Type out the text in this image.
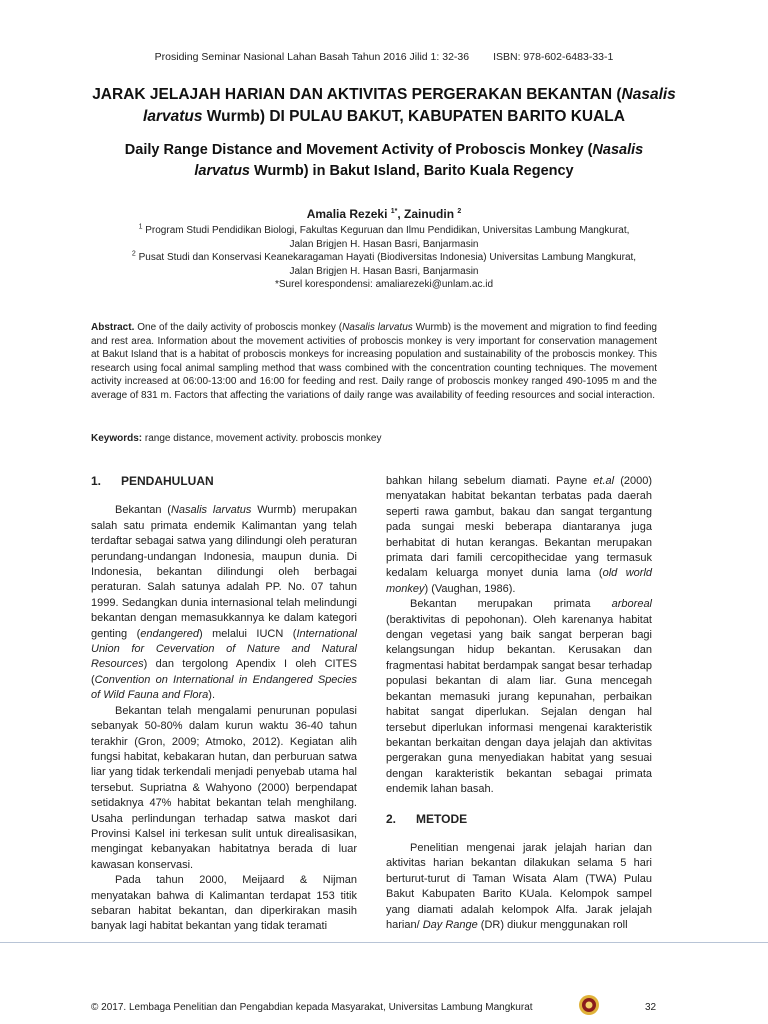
Prosiding Seminar Nasional Lahan Basah Tahun 2016 Jilid 1: 32-36 ISBN: 978-602-6483-33-1
JARAK JELAJAH HARIAN DAN AKTIVITAS PERGERAKAN BEKANTAN (Nasalis
larvatus Wurmb) DI PULAU BAKUT, KABUPATEN BARITO KUALA
Daily Range Distance and Movement Activity of Proboscis Monkey (Nasalis
larvatus Wurmb) in Bakut Island, Barito Kuala Regency
Amalia Rezeki $^{1*}$, Zainudin $^2$
$^1$ Program Studi Pendidikan Biologi, Fakultas Keguruan dan Ilmu Pendidikan, Universitas Lambung Mangkurat,
Jalan Brigjen H. Hasan Basri, Banjarmasin
$^2$ Pusat Studi dan Konservasi Keanekaragaman Hayati (Biodiversitas Indonesia) Universitas Lambung Mangkurat,
Jalan Brigjen H. Hasan Basri, Banjarmasin
*Surel korespondensi: amaliarezeki@unlam.ac.id
Abstract. One of the daily activity of proboscis monkey (Nasalis larvatus Wurmb) is the movement and migration to find feeding and rest area. Information about the movement activities of proboscis monkey is very important for conservation management at Bakut Island that is a habitat of proboscis monkeys for increasing population and sustainability of the proboscis monkey. This research using focal animal sampling method that wass combined with the concentration counting techniques. The movement activity increased at 06:00-13:00 and 16:00 for feeding and rest. Daily range of proboscis monkey ranged 490-1095 m and the average of 831 m. Factors that affecting the variations of daily range was availability of feeding resources and social interaction.
Keywords: range distance, movement activity. proboscis monkey
1. PENDAHULUAN

Bekantan (Nasalis larvatus Wurmb) merupakan salah satu primata endemik Kalimantan yang telah terdaftar sebagai satwa yang dilindungi oleh peraturan perundang-undangan Indonesia, maupun dunia. Di Indonesia, bekantan dilindungi oleh berbagai peraturan. Salah satunya adalah PP. No. 07 tahun 1999. Sedangkan dunia internasional telah melindungi bekantan dengan memasukkannya ke dalam kategori genting (endangered) melalui IUCN (International Union for Cevervation of Nature and Natural Resources) dan tergolong Apendix I oleh CITES (Convention on International in Endangered Species of Wild Fauna and Flora).

Bekantan telah mengalami penurunan populasi sebanyak 50-80% dalam kurun waktu 36-40 tahun terakhir (Gron, 2009; Atmoko, 2012). Kegiatan alih fungsi habitat, kebakaran hutan, dan perburuan satwa liar yang tidak terkendali menjadi penyebab utama hal tersebut. Supriatna & Wahyono (2000) berpendapat setidaknya 47% habitat bekantan telah menghilang. Usaha perlindungan terhadap satwa maskot dari Provinsi Kalsel ini terkesan sulit untuk direalisasikan, mengingat kebanyakan habitatnya berada di luar kawasan konservasi.

Pada tahun 2000, Meijaard & Nijman menyatakan bahwa di Kalimantan terdapat 153 titik sebaran habitat bekantan, dan diperkirakan masih banyak lagi habitat bekantan yang tidak teramati

bahkan hilang sebelum diamati. Payne et.al (2000) menyatakan habitat bekantan terbatas pada daerah seperti rawa gambut, bakau dan sangat tergantung pada sungai meski beberapa diantaranya juga berhabitat di hutan kerangas. Bekantan merupakan primata dari famili cercopithecidae yang termasuk kedalam keluarga monyet dunia lama (old world monkey) (Vaughan, 1986).

Bekantan merupakan primata arboreal (beraktivitas di pepohonan). Oleh karenanya habitat dengan vegetasi yang baik sangat berperan bagi kelangsungan hidup bekantan. Kerusakan dan fragmentasi habitat berdampak sangat besar terhadap populasi bekantan di alam liar. Guna mencegah bekantan memasuki jurang kepunahan, perbaikan habitat sangat diperlukan. Sejalan dengan hal tersebut diperlukan informasi mengenai karakteristik bekantan berkaitan dengan daya jelajah dan aktivitas pergerakan guna menyediakan habitat yang sesuai dengan karakteristik bekantan sebagai primata endemik lahan basah.

2. METODE

Penelitian mengenai jarak jelajah harian dan aktivitas harian bekantan dilakukan selama 5 hari berturut-turut di Taman Wisata Alam (TWA) Pulau Bakut Kabupaten Barito KUala. Kelompok sampel yang diamati adalah kelompok Alfa. Jarak jelajah harian/ Day Range (DR) diukur menggunakan roll

© 2017. Lembaga Penelitian dan Pengabdian kepada Masyarakat, Universitas Lambung Mangkurat	32
